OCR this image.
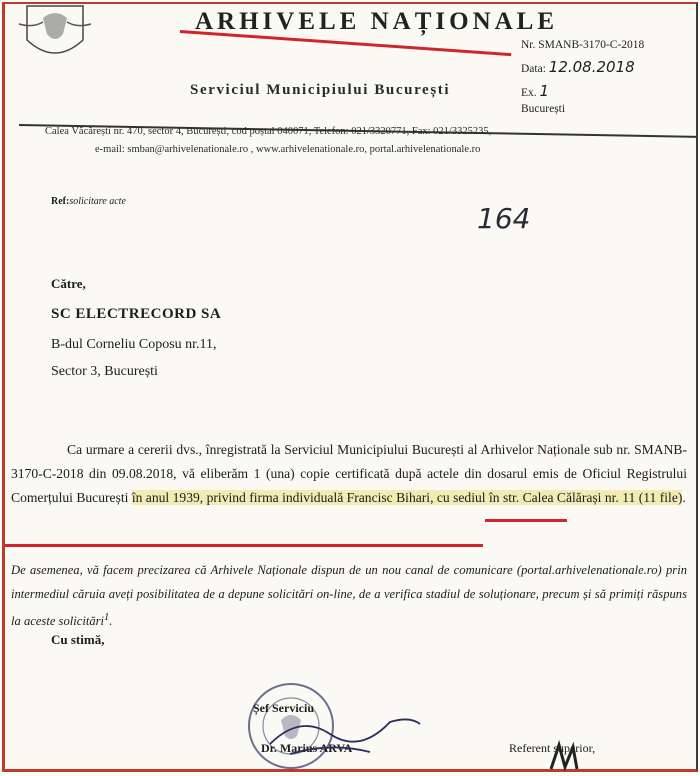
ARHIVELE NAȚIONALE
Serviciul Municipiului București
Nr. SMANB-3170-C-2018
Data: 12.08.2018
Ex. 1
București
Calea Văcărești nr. 470, sector 4, București, cod poștal 040071, Telefon: 021/3320771, Fax: 021/3325235,
e-mail: smban@arhivelenationale.ro , www.arhivelenationale.ro, portal.arhivelenationale.ro
Ref:solicitare acte
164
Către,
SC ELECTRECORD SA
B-dul Corneliu Coposu nr.11,
Sector 3, București
Ca urmare a cererii dvs., înregistrată la Serviciul Municipiului București al Arhivelor Naționale sub nr. SMANB-3170-C-2018 din 09.08.2018, vă eliberăm 1 (una) copie certificată după actele din dosarul emis de Oficiul Registrului Comerțului București în anul 1939, privind firma individuală Francisc Bihari, cu sediul în str. Calea Călărași nr. 11 (11 file).
De asemenea, vă facem precizarea că Arhivele Naționale dispun de un nou canal de comunicare (portal.arhivelenationale.ro) prin intermediul căruia aveți posibilitatea de a depune solicitări on-line, de a verifica stadiul de soluționare, precum și să primiți răspuns la aceste solicitări$^1$.
Cu stimă,
Șef Serviciu
Dr. Marius ARVA	Referent superior,
